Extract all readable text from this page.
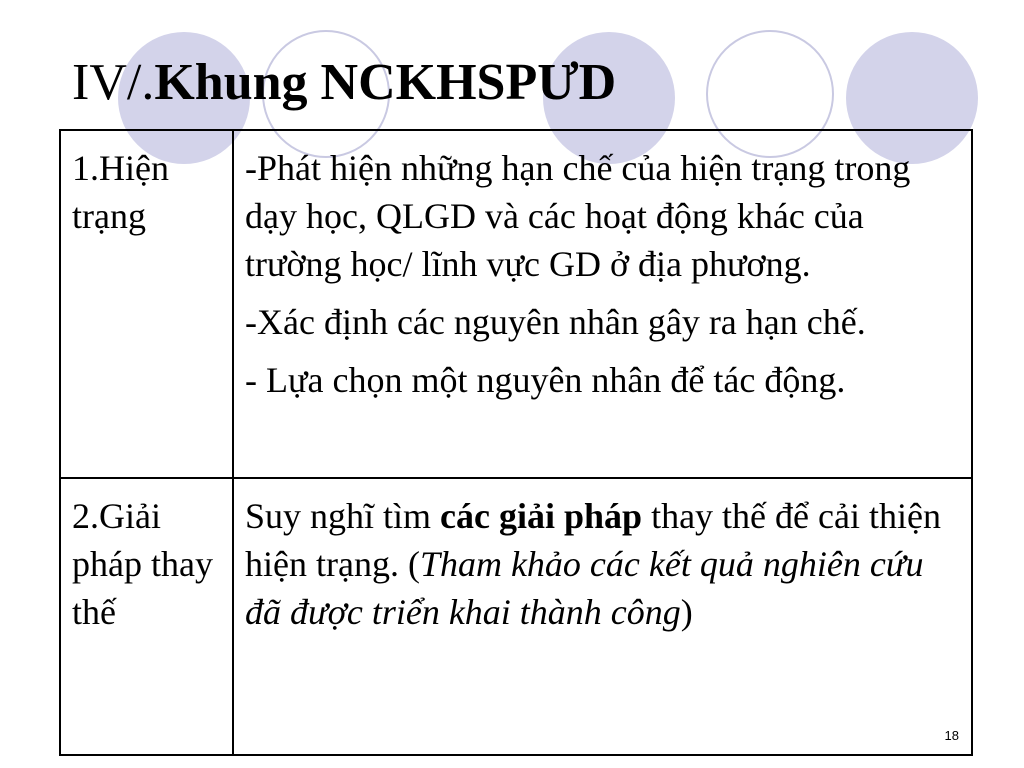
IV/.Khung NCKHSPƯD
1.Hiện trạng	-Phát hiện những hạn chế của hiện trạng trong dạy học, QLGD và các hoạt động khác của trường học/ lĩnh vực GD ở địa phương.

-Xác định các nguyên nhân gây ra hạn chế.

- Lựa chọn một nguyên nhân để tác động.

2.Giải pháp thay thế	Suy nghĩ tìm các giải pháp thay thế để cải thiện hiện trạng. (Tham khảo các kết quả nghiên cứu đã được triển khai thành công)

18
